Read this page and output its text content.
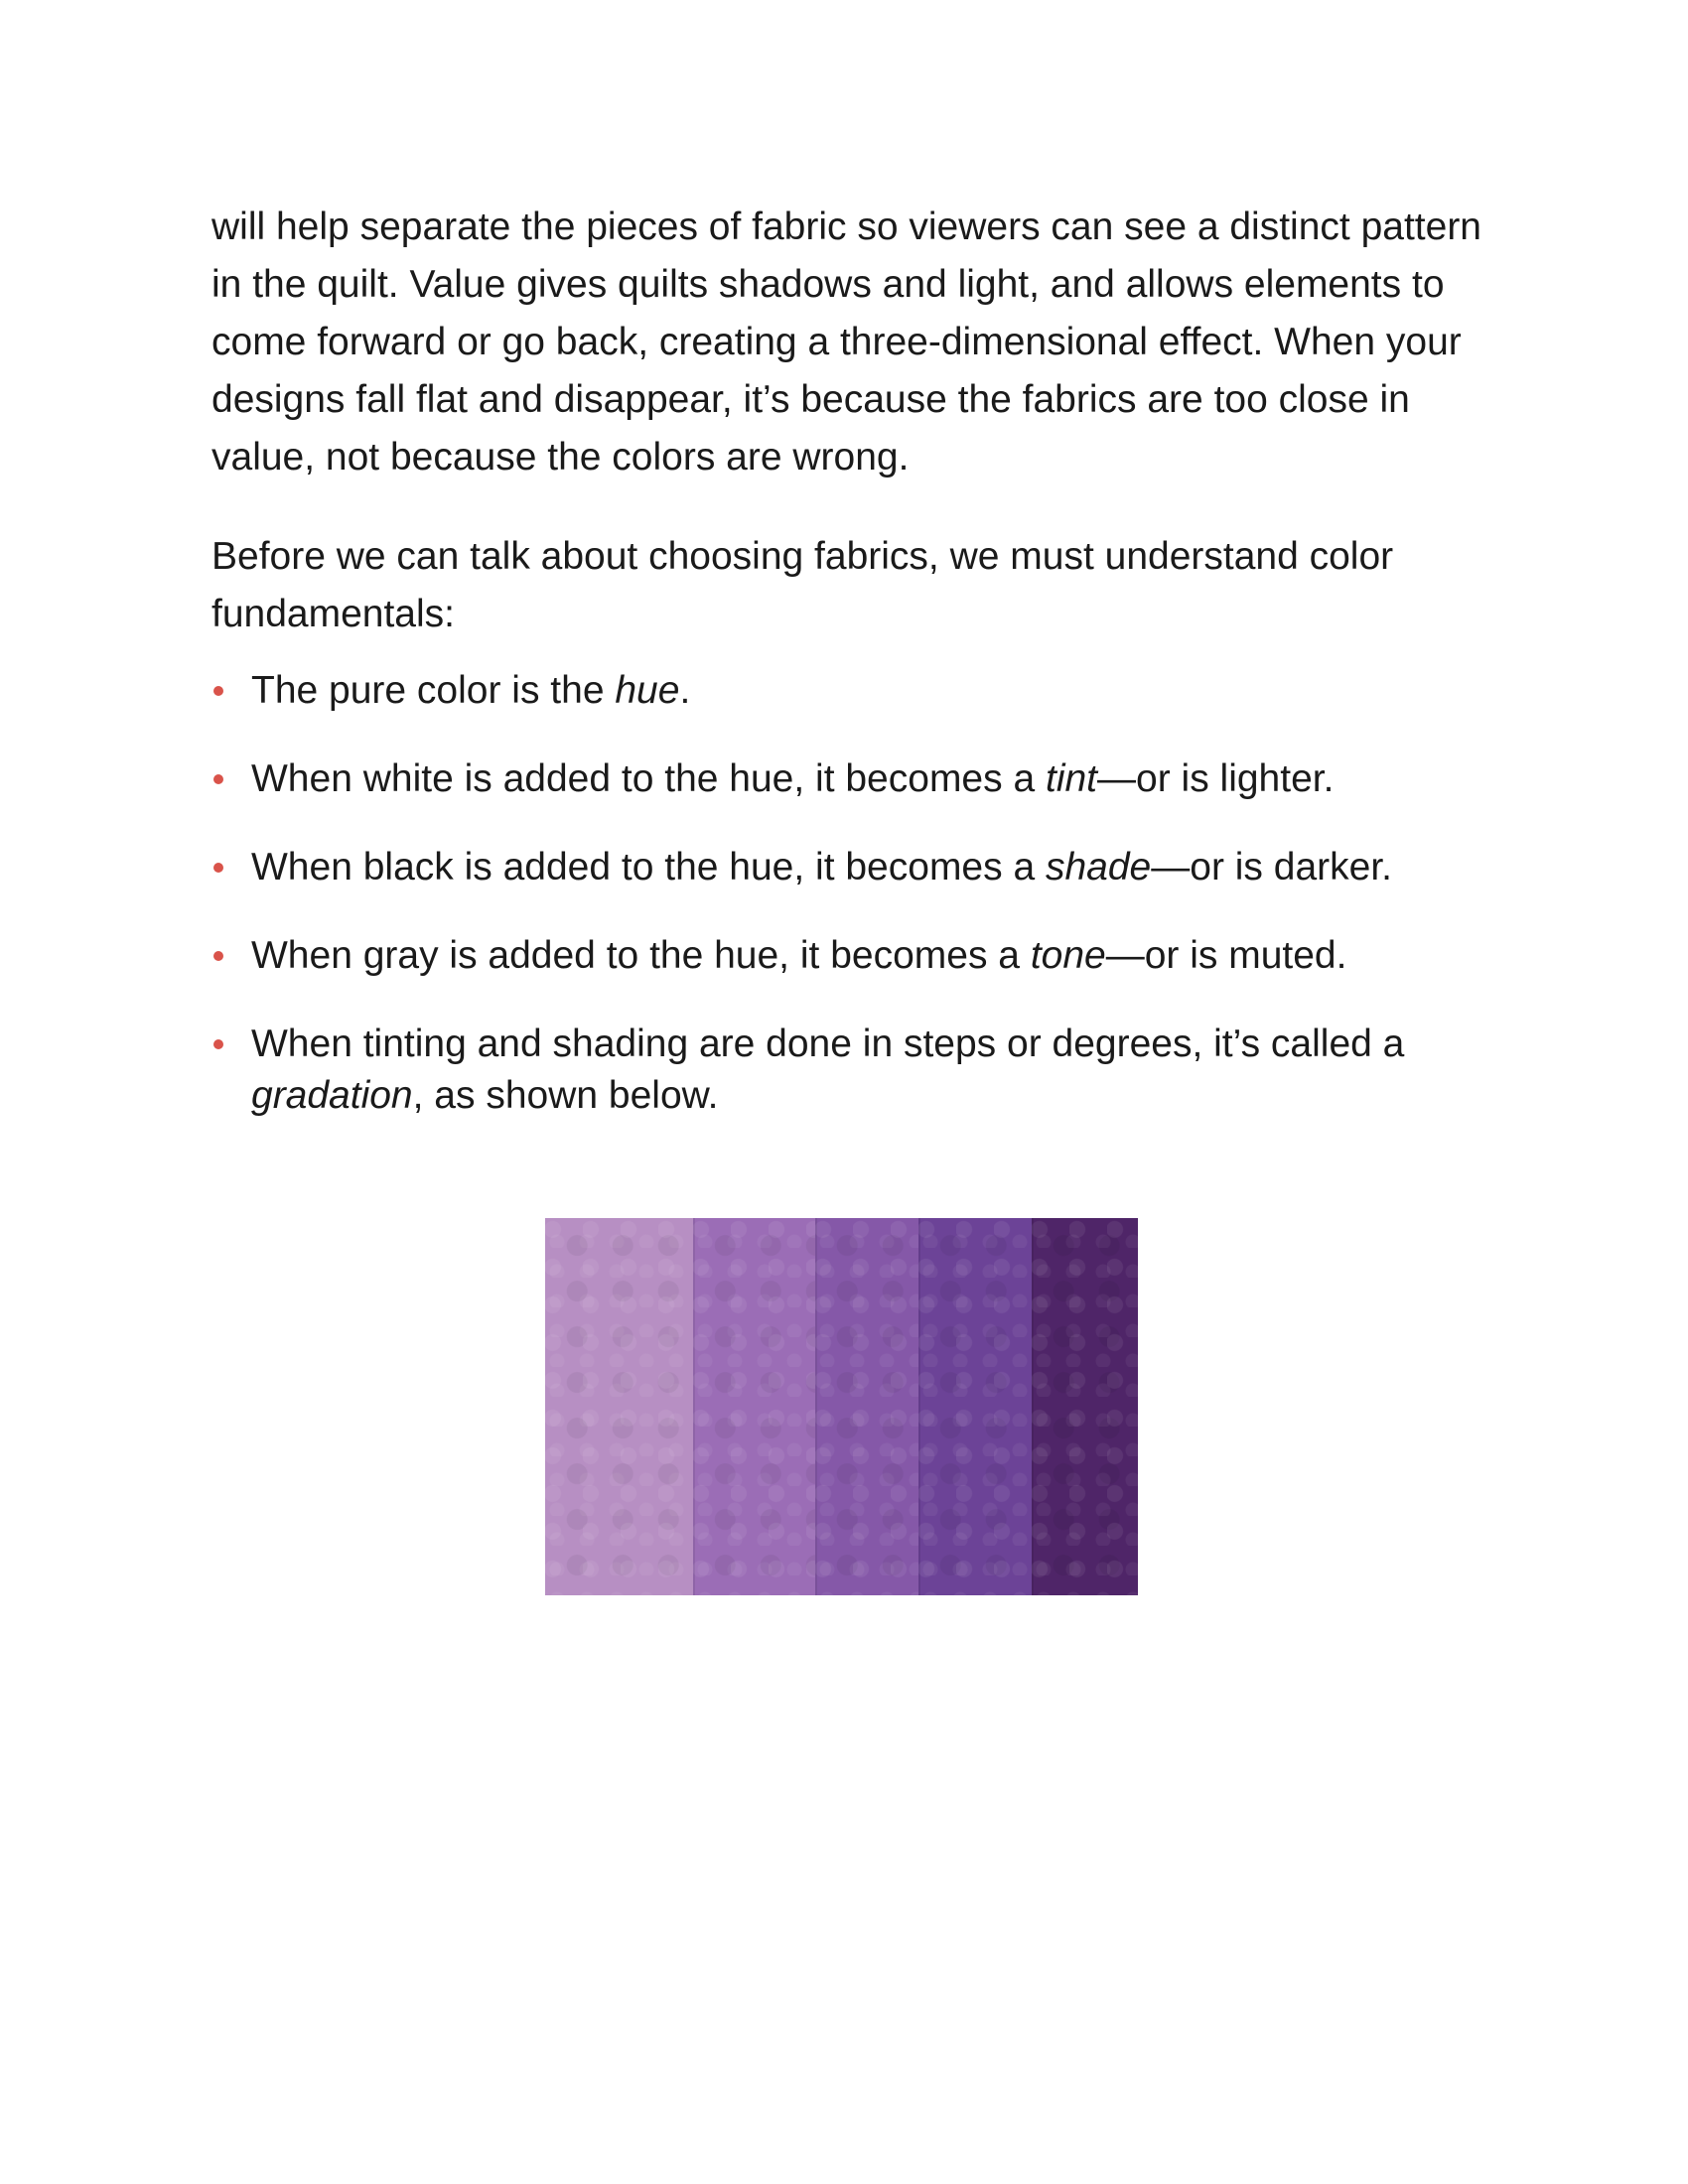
will help separate the pieces of fabric so viewers can see a distinct pattern in the quilt. Value gives quilts shadows and light, and allows elements to come forward or go back, creating a three-dimensional effect. When your designs fall flat and disappear, it’s because the fabrics are too close in value, not because the colors are wrong.

Before we can talk about choosing fabrics, we must understand color fundamentals:

The pure color is the hue.
When white is added to the hue, it becomes a tint—or is lighter.
When black is added to the hue, it becomes a shade—or is darker.
When gray is added to the hue, it becomes a tone—or is muted.
When tinting and shading are done in steps or degrees, it’s called a gradation, as shown below.
